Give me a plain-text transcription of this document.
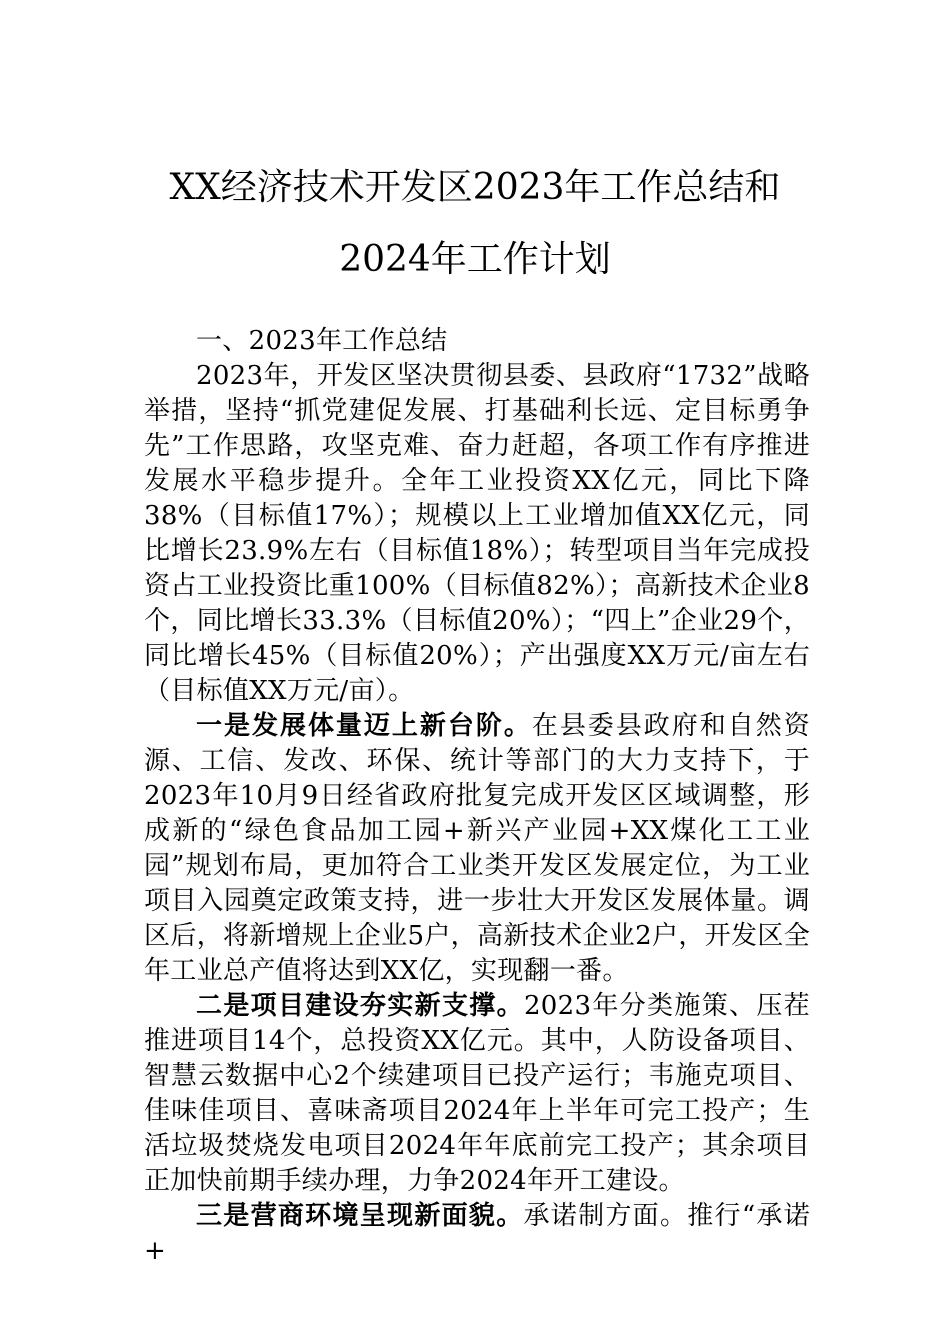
XX经济技术开发区2023年工作总结和
2024年工作计划

一、2023年工作总结

2023年，开发区坚决贯彻县委、县政府“1732”战略举措，坚持“抓党建促发展、打基础利长远、定目标勇争先”工作思路，攻坚克难、奋力赶超，各项工作有序推进发展水平稳步提升。全年工业投资XX亿元，同比下降38%（目标值17%）；规模以上工业增加值XX亿元，同比增长23.9%左右（目标值18%）；转型项目当年完成投资占工业投资比重100%（目标值82%）；高新技术企业8个，同比增长33.3%（目标值20%）；“四上”企业29个，同比增长45%（目标值20%）；产出强度XX万元/亩左右（目标值XX万元/亩）。

一是发展体量迈上新台阶。在县委县政府和自然资源、工信、发改、环保、统计等部门的大力支持下，于2023年10月9日经省政府批复完成开发区区域调整，形成新的“绿色食品加工园+新兴产业园+XX煤化工工业园”规划布局，更加符合工业类开发区发展定位，为工业项目入园奠定政策支持，进一步壮大开发区发展体量。调区后，将新增规上企业5户，高新技术企业2户，开发区全年工业总产值将达到XX亿，实现翻一番。

二是项目建设夯实新支撑。2023年分类施策、压茬推进项目14个，总投资XX亿元。其中，人防设备项目、智慧云数据中心2个续建项目已投产运行；韦施克项目、佳味佳项目、喜味斋项目2024年上半年可完工投产；生活垃圾焚烧发电项目2024年年底前完工投产；其余项目正加快前期手续办理，力争2024年开工建设。

三是营商环境呈现新面貌。承诺制方面。推行“承诺+
